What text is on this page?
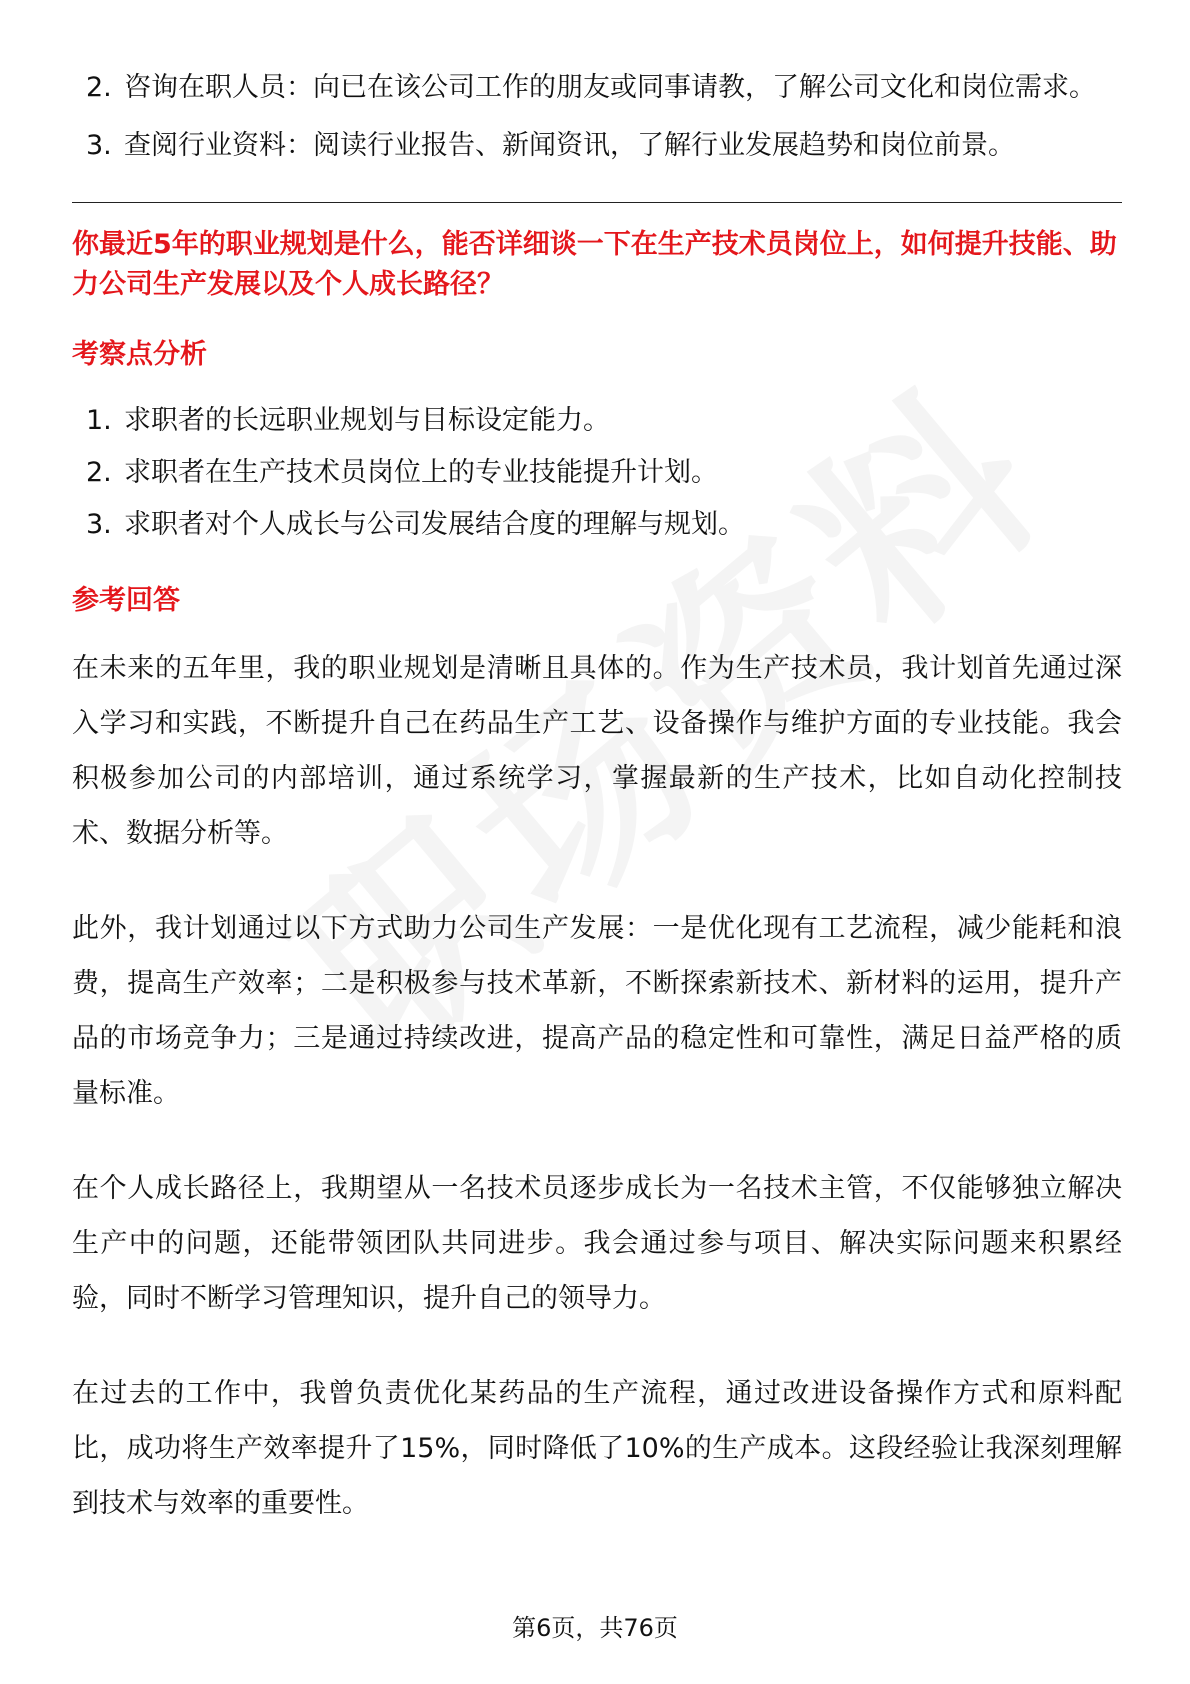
2. 咨询在职人员：向已在该公司工作的朋友或同事请教，了解公司文化和岗位需求。
3. 查阅行业资料：阅读行业报告、新闻资讯，了解行业发展趋势和岗位前景。

你最近5年的职业规划是什么，能否详细谈一下在生产技术员岗位上，如何提升技能、助力公司生产发展以及个人成长路径？

考察点分析
1. 求职者的长远职业规划与目标设定能力。
2. 求职者在生产技术员岗位上的专业技能提升计划。
3. 求职者对个人成长与公司发展结合度的理解与规划。
参考回答

在未来的五年里，我的职业规划是清晰且具体的。作为生产技术员，我计划首先通过深入学习和实践，不断提升自己在药品生产工艺、设备操作与维护方面的专业技能。我会积极参加公司的内部培训，通过系统学习，掌握最新的生产技术，比如自动化控制技术、数据分析等。

此外，我计划通过以下方式助力公司生产发展：一是优化现有工艺流程，减少能耗和浪费，提高生产效率；二是积极参与技术革新，不断探索新技术、新材料的运用，提升产品的市场竞争力；三是通过持续改进，提高产品的稳定性和可靠性，满足日益严格的质量标准。

在个人成长路径上，我期望从一名技术员逐步成长为一名技术主管，不仅能够独立解决生产中的问题，还能带领团队共同进步。我会通过参与项目、解决实际问题来积累经验，同时不断学习管理知识，提升自己的领导力。

在过去的工作中，我曾负责优化某药品的生产流程，通过改进设备操作方式和原料配比，成功将生产效率提升了15%，同时降低了10%的生产成本。这段经验让我深刻理解到技术与效率的重要性。

第6页，共76页
